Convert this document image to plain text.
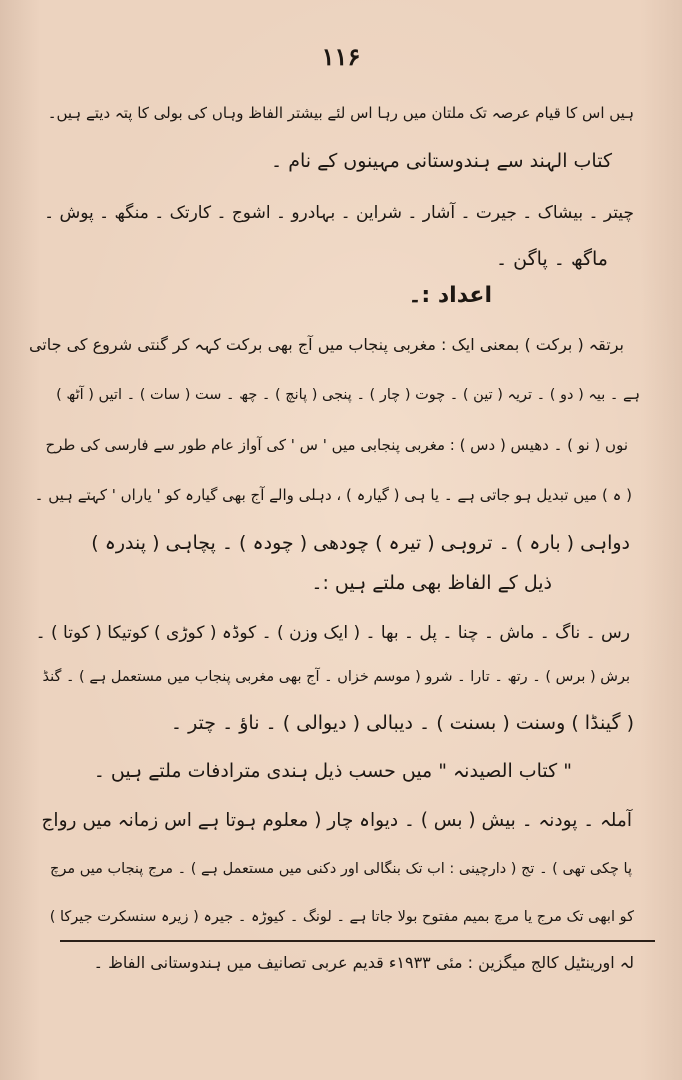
۱۱۶
ہیں اس کا قیام عرصہ تک ملتان میں رہا اس لئے بیشتر الفاظ وہاں کی بولی کا پتہ دیتے ہیں۔
کتاب الہند سے ہندوستانی مہینوں کے نام ۔
چیتر ۔ بیشاک ۔ جیرت ۔ آشار ۔ شراین ۔ بہادرو ۔ اشوج ۔ کارتک ۔ منگھ ۔ پوش ۔
ماگھ ۔ پاگن ۔
اعداد :۔
برتقہ ( برکت ) بمعنی ایک : مغربی پنجاب میں آج بھی برکت کہہ کر گنتی شروع کی جاتی
ہے ۔ بیہ ( دو ) ۔ تریہ ( تین ) ۔ چوت ( چار ) ۔ پنجی ( پانچ ) ۔ چھ ۔ ست ( سات ) ۔ اتیں ( آٹھ )
نوں ( نو ) ۔ دھیس ( دس ) : مغربی پنجابی میں ' س ' کی آواز عام طور سے فارسی کی طرح
( ہ ) میں تبدیل ہو جاتی ہے ۔ یا ہی ( گیارہ ) ، دہلی والے آج بھی گیارہ کو ' یاراں ' کہتے ہیں ۔
دواہی ( بارہ ) ۔ تروہی ( تیرہ ) چودھی ( چودہ ) ۔ پچاہی ( پندرہ )
ذیل کے الفاظ بھی ملتے ہیں :۔
رس ۔ ناگ ۔ ماش ۔ چنا ۔ پل ۔ بھا ۔ ( ایک وزن ) ۔ کوڈہ ( کوڑی ) کوتیکا ( کوتا ) ۔
برش ( برس ) ۔ رتھ ۔ تارا ۔ شرو ( موسم خزاں ۔ آج بھی مغربی پنجاب میں مستعمل ہے ) ۔ گنڈ
( گینڈا ) وسنت ( بسنت ) ۔ دیبالی ( دیوالی ) ۔ ناؤ ۔ چتر ۔
" کتاب الصیدنہ " میں حسب ذیل ہندی مترادفات ملتے ہیں ۔
آملہ ۔ پودنہ ۔ بیش ( بس ) ۔ دیواہ چار ( معلوم ہوتا ہے اس زمانہ میں رواج
پا چکی تھی ) ۔ تج ( دارچینی : اب تک بنگالی اور دکنی میں مستعمل ہے ) ۔ مرج پنجاب میں مرچ
کو ابھی تک مرج یا مرچ بمیم مفتوح بولا جاتا ہے ۔ لونگ ۔ کیوڑہ ۔ جیرہ ( زیرہ سنسکرت جیرکا )
لہ اورینٹیل کالج میگزین : مئی ۱۹۳۳ء قدیم عربی تصانیف میں ہندوستانی الفاظ ۔
